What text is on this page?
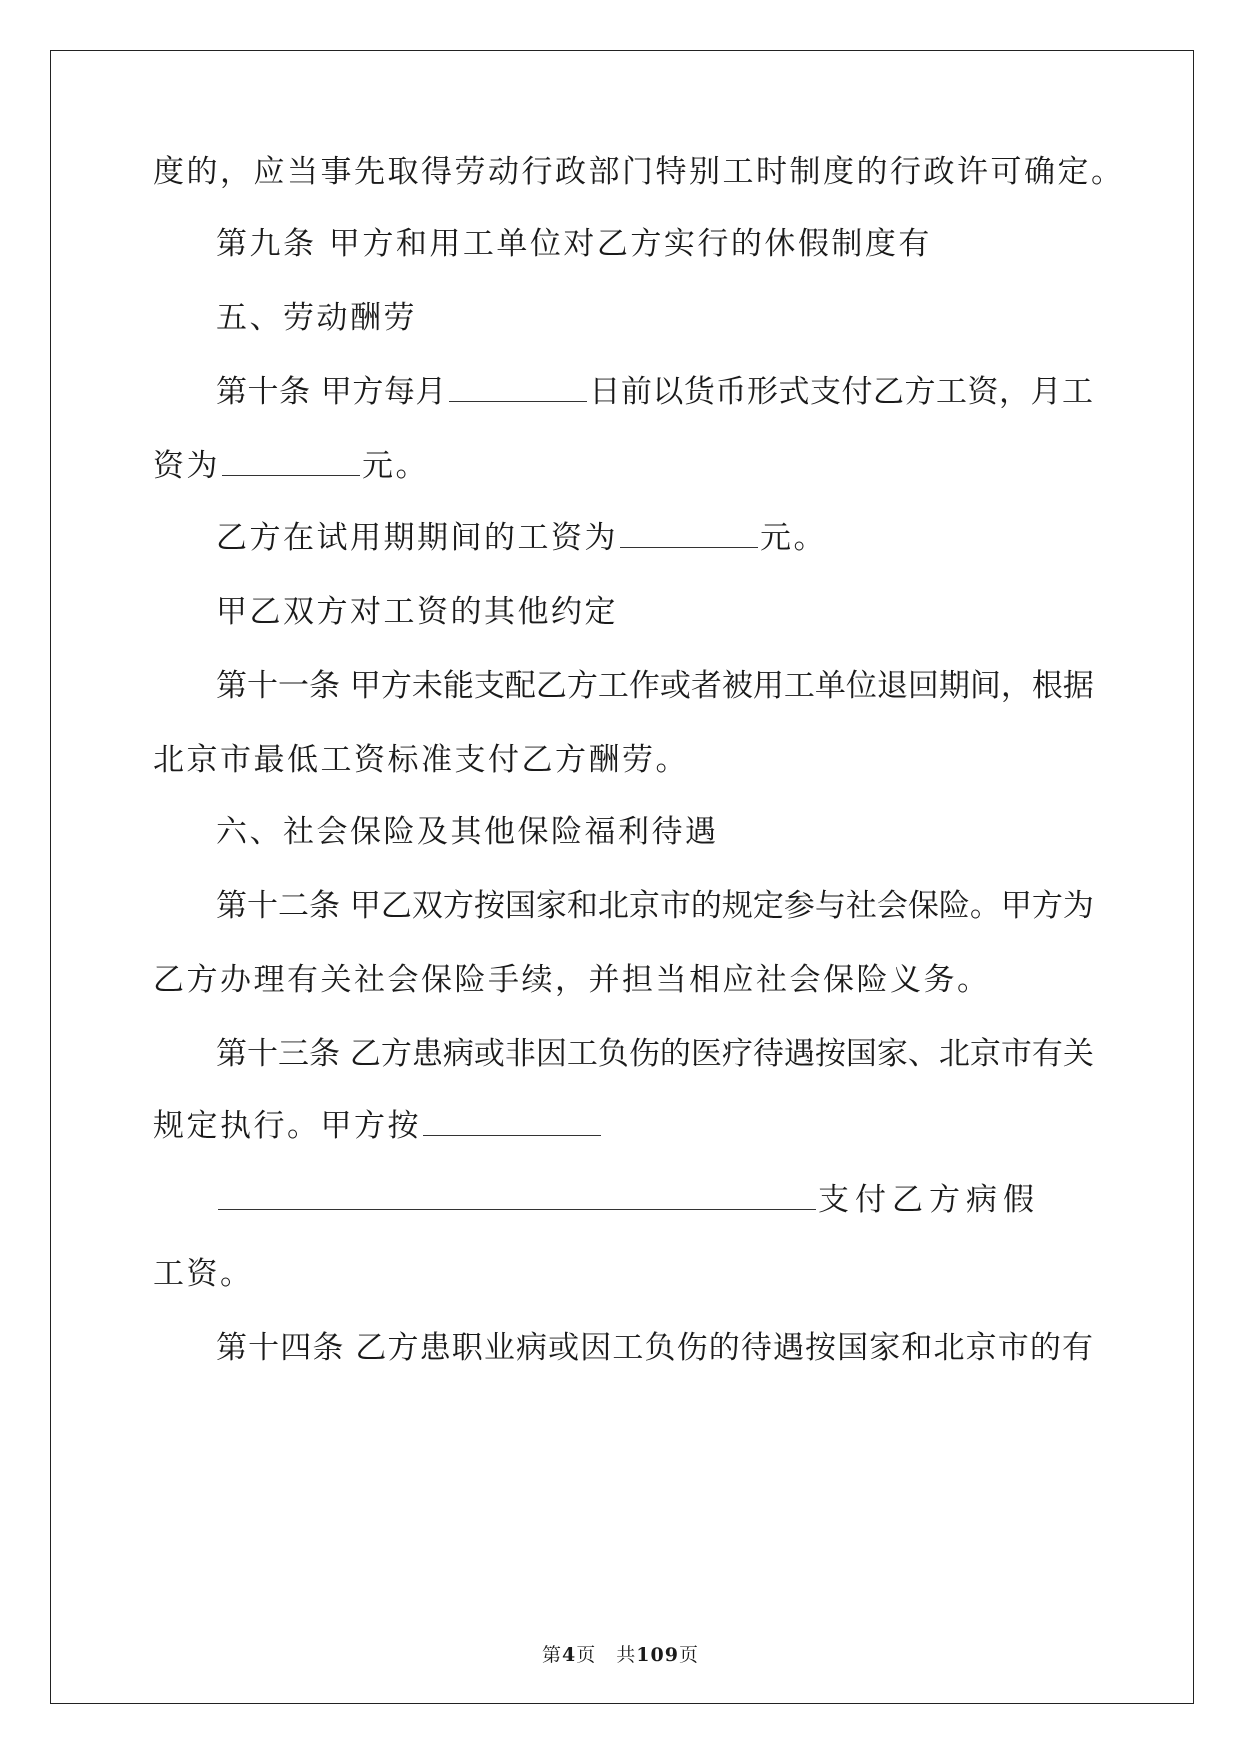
度的，应当事先取得劳动行政部门特别工时制度的行政许可确定。
第九条 甲方和用工单位对乙方实行的休假制度有
五、劳动酬劳
第十条 甲方每月	日前以货币形式支付乙方工资，月工
资为	元。
乙方在试用期期间的工资为	元。
甲乙双方对工资的其他约定
第十一条 甲方未能支配乙方工作或者被用工单位退回期间，根据
北京市最低工资标准支付乙方酬劳。
六、社会保险及其他保险福利待遇
第十二条 甲乙双方按国家和北京市的规定参与社会保险。甲方为
乙方办理有关社会保险手续，并担当相应社会保险义务。
第十三条 乙方患病或非因工负伤的医疗待遇按国家、北京市有关
规定执行。甲方按
支付乙方病假
工资。
第十四条 乙方患职业病或因工负伤的待遇按国家和北京市的有
第4页　共109页
